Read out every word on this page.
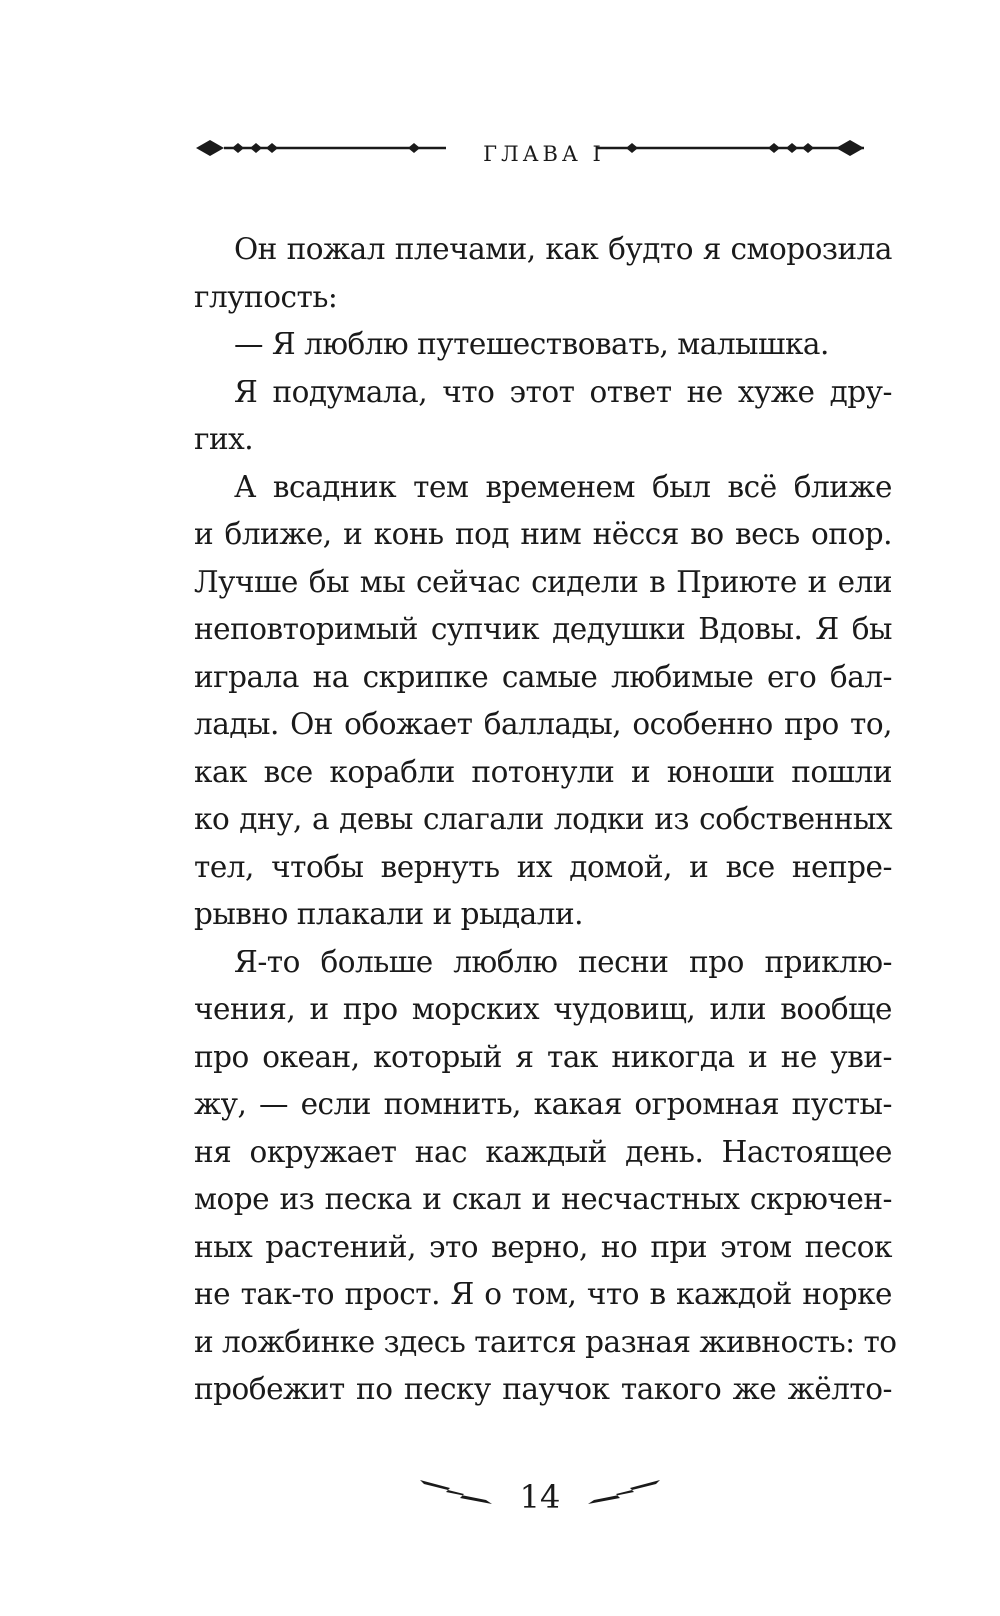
ГЛАВА I
Он пожал плечами, как будто я сморозила
глупость:
— Я люблю путешествовать, малышка.
Я подумала, что этот ответ не хуже дру-
гих.
А всадник тем временем был всё ближе
и ближе, и конь под ним нёсся во весь опор.
Лучше бы мы сейчас сидели в Приюте и ели
неповторимый супчик дедушки Вдовы. Я бы
играла на скрипке самые любимые его бал-
лады. Он обожает баллады, особенно про то,
как все корабли потонули и юноши пошли
ко дну, а девы слагали лодки из собственных
тел, чтобы вернуть их домой, и все непре-
рывно плакали и рыдали.
Я-то больше люблю песни про приклю-
чения, и про морских чудовищ, или вообще
про океан, который я так никогда и не уви-
жу, — если помнить, какая огромная пусты-
ня окружает нас каждый день. Настоящее
море из песка и скал и несчастных скрючен-
ных растений, это верно, но при этом песок
не так-то прост. Я о том, что в каждой норке
и ложбинке здесь таится разная живность: то
пробежит по песку паучок такого же жёлто-
14
